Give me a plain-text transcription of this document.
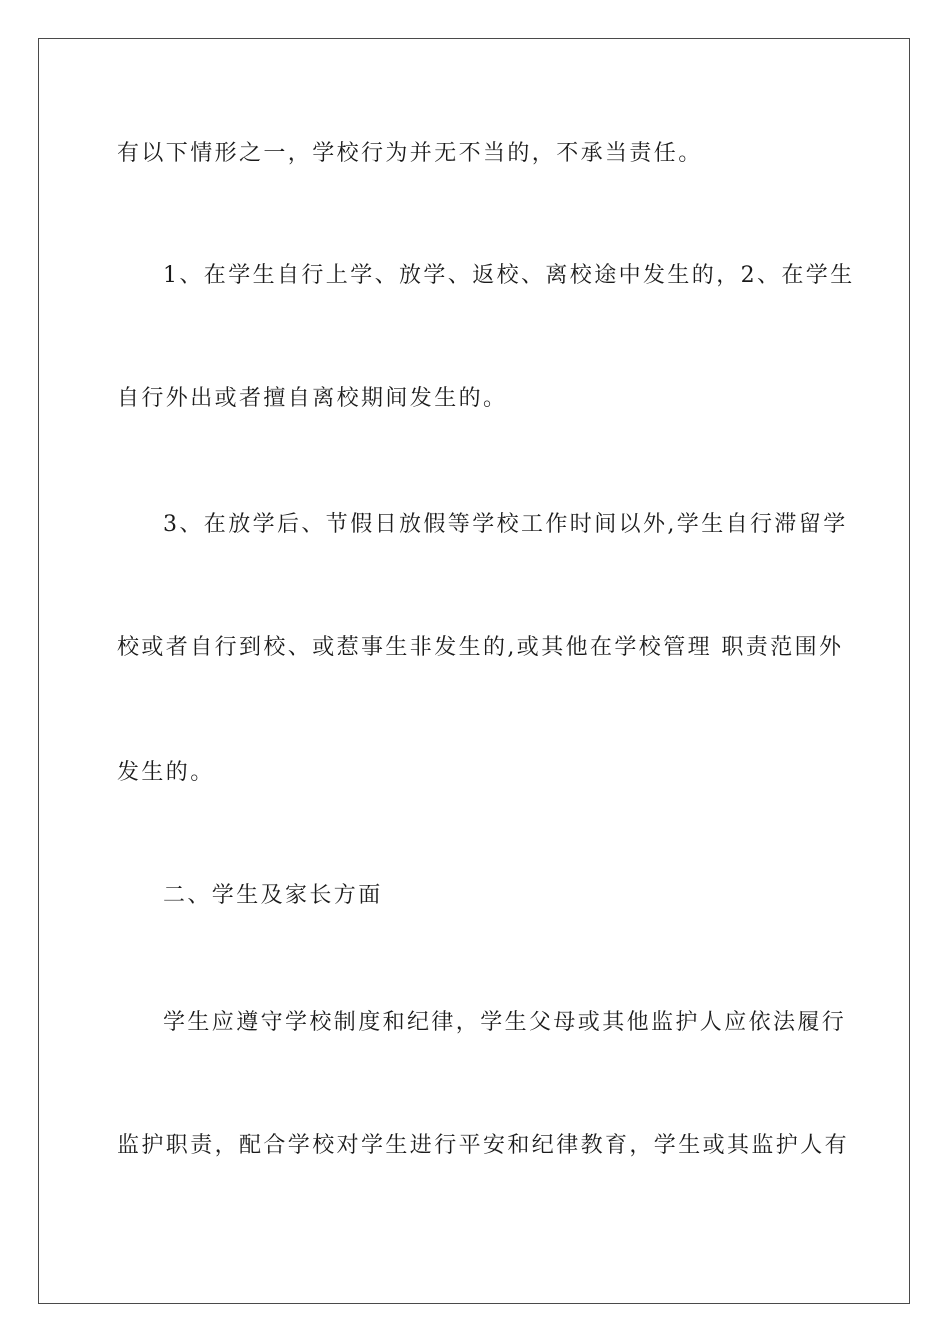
有以下情形之一，学校行为并无不当的，不承当责任。
1、在学生自行上学、放学、返校、离校途中发生的，2、在学生
自行外出或者擅自离校期间发生的。
3、在放学后、节假日放假等学校工作时间以外,学生自行滞留学
校或者自行到校、或惹事生非发生的,或其他在学校管理 职责范围外
发生的。
二、学生及家长方面
学生应遵守学校制度和纪律，学生父母或其他监护人应依法履行
监护职责，配合学校对学生进行平安和纪律教育，学生或其监护人有
